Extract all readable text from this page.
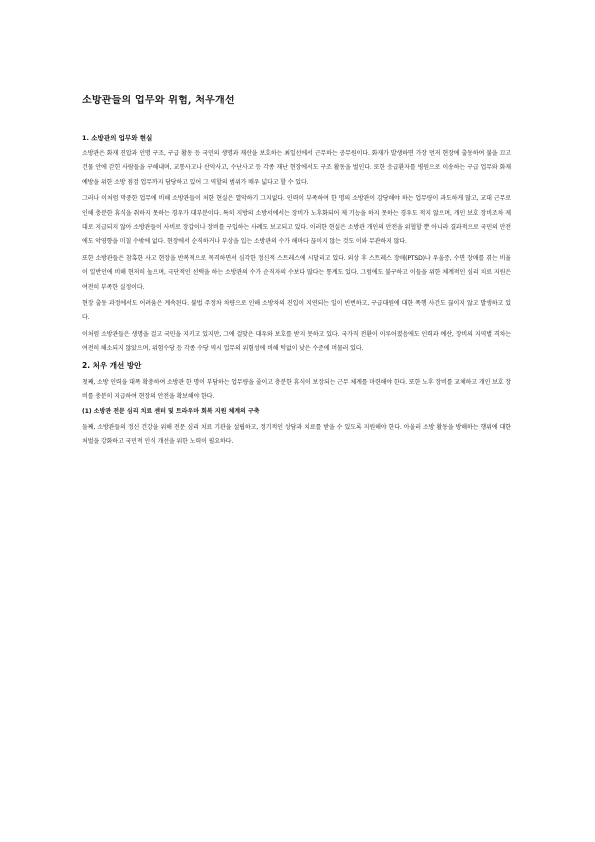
소방관들의 업무와 위험, 처우개선
1. 소방관의 업무와 현실

소방관은 화재 진압과 인명 구조, 구급 활동 등 국민의 생명과 재산을 보호하는 최일선에서 근무하는 공무원이다. 화재가 발생하면 가장 먼저 현장에 출동하여 불을 끄고 건물 안에 갇힌 사람들을 구해내며, 교통사고나 산악사고, 수난사고 등 각종 재난 현장에서도 구조 활동을 벌인다. 또한 응급환자를 병원으로 이송하는 구급 업무와 화재 예방을 위한 소방 점검 업무까지 담당하고 있어 그 역할의 범위가 매우 넓다고 할 수 있다.

그러나 이처럼 막중한 업무에 비해 소방관들이 처한 현실은 열악하기 그지없다. 인력이 부족하여 한 명의 소방관이 감당해야 하는 업무량이 과도하게 많고, 교대 근무로 인해 충분한 휴식을 취하지 못하는 경우가 대부분이다. 특히 지방의 소방서에서는 장비가 노후화되어 제 기능을 하지 못하는 경우도 적지 않으며, 개인 보호 장비조차 제대로 지급되지 않아 소방관들이 사비로 장갑이나 장비를 구입하는 사례도 보고되고 있다. 이러한 현실은 소방관 개인의 안전을 위협할 뿐 아니라 결과적으로 국민의 안전에도 악영향을 미칠 수밖에 없다. 현장에서 순직하거나 부상을 입는 소방관의 수가 해마다 끊이지 않는 것도 이와 무관하지 않다.

또한 소방관들은 참혹한 사고 현장을 반복적으로 목격하면서 심각한 정신적 스트레스에 시달리고 있다. 외상 후 스트레스 장애(PTSD)나 우울증, 수면 장애를 겪는 비율이 일반인에 비해 현저히 높으며, 극단적인 선택을 하는 소방관의 수가 순직자의 수보다 많다는 통계도 있다. 그럼에도 불구하고 이들을 위한 체계적인 심리 치료 지원은 여전히 부족한 실정이다.

현장 출동 과정에서도 어려움은 계속된다. 불법 주정차 차량으로 인해 소방차의 진입이 지연되는 일이 빈번하고, 구급대원에 대한 폭행 사건도 끊이지 않고 발생하고 있다.

이처럼 소방관들은 생명을 걸고 국민을 지키고 있지만, 그에 걸맞은 대우와 보호를 받지 못하고 있다. 국가직 전환이 이루어졌음에도 인력과 예산, 장비의 지역별 격차는 여전히 해소되지 않았으며, 위험수당 등 각종 수당 역시 업무의 위험성에 비해 턱없이 낮은 수준에 머물러 있다.

2. 처우 개선 방안

첫째, 소방 인력을 대폭 확충하여 소방관 한 명이 부담하는 업무량을 줄이고 충분한 휴식이 보장되는 근무 체계를 마련해야 한다. 또한 노후 장비를 교체하고 개인 보호 장비를 충분히 지급하여 현장의 안전을 확보해야 한다.

(1) 소방관 전문 심리 치료 센터 및 트라우마 회복 지원 체계의 구축

둘째, 소방관들의 정신 건강을 위해 전문 심리 치료 기관을 설립하고, 정기적인 상담과 치료를 받을 수 있도록 지원해야 한다. 아울러 소방 활동을 방해하는 행위에 대한 처벌을 강화하고 국민적 인식 개선을 위한 노력이 필요하다.
